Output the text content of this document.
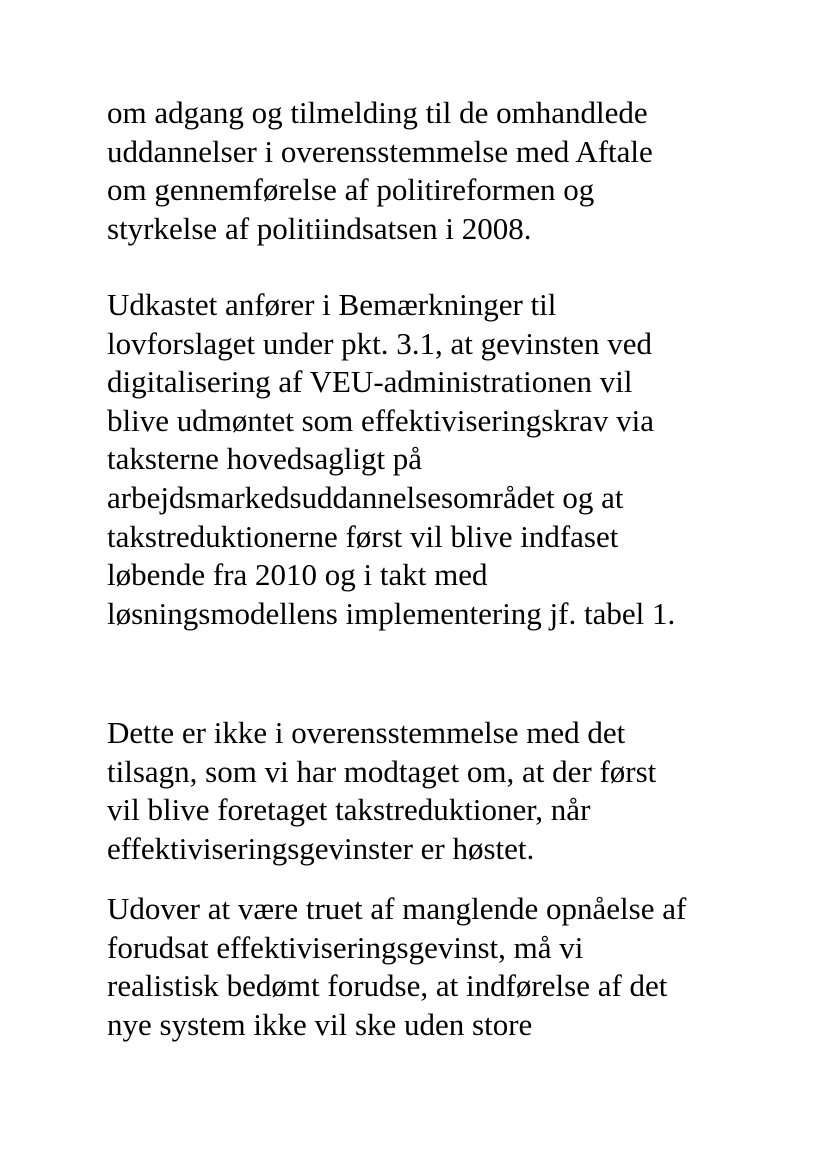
om adgang og tilmelding til de omhandlede
uddannelser i overensstemmelse med Aftale
om gennemførelse af politireformen og
styrkelse af politiindsatsen i 2008.
Udkastet anfører i Bemærkninger til
lovforslaget under pkt. 3.1, at gevinsten ved
digitalisering af VEU-administrationen vil
blive udmøntet som effektiviseringskrav via
taksterne hovedsagligt på
arbejdsmarkedsuddannelsesområdet og at
takstreduktionerne først vil blive indfaset
løbende fra 2010 og i takt med
løsningsmodellens implementering jf. tabel 1.
Dette er ikke i overensstemmelse med det
tilsagn, som vi har modtaget om, at der først
vil blive foretaget takstreduktioner, når
effektiviseringsgevinster er høstet.
Udover at være truet af manglende opnåelse af
forudsat effektiviseringsgevinst, må vi
realistisk bedømt forudse, at indførelse af det
nye system ikke vil ske uden store
